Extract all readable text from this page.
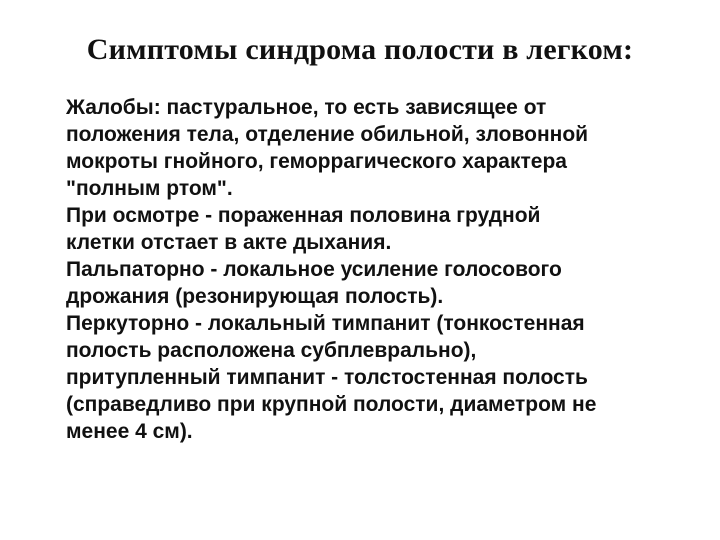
Симптомы синдрома полости в легком:
Жалобы: пастуральное, то есть зависящее от
положения тела, отделение обильной, зловонной
мокроты гнойного, геморрагического характера
"полным ртом".
При осмотре - пораженная половина грудной
клетки отстает в акте дыхания.
Пальпаторно - локальное усиление голосового
дрожания (резонирующая полость).
Перкуторно - локальный тимпанит (тонкостенная
полость расположена субплеврально),
притупленный тимпанит - толстостенная полость
(справедливо при крупной полости, диаметром не
менее 4 см).
